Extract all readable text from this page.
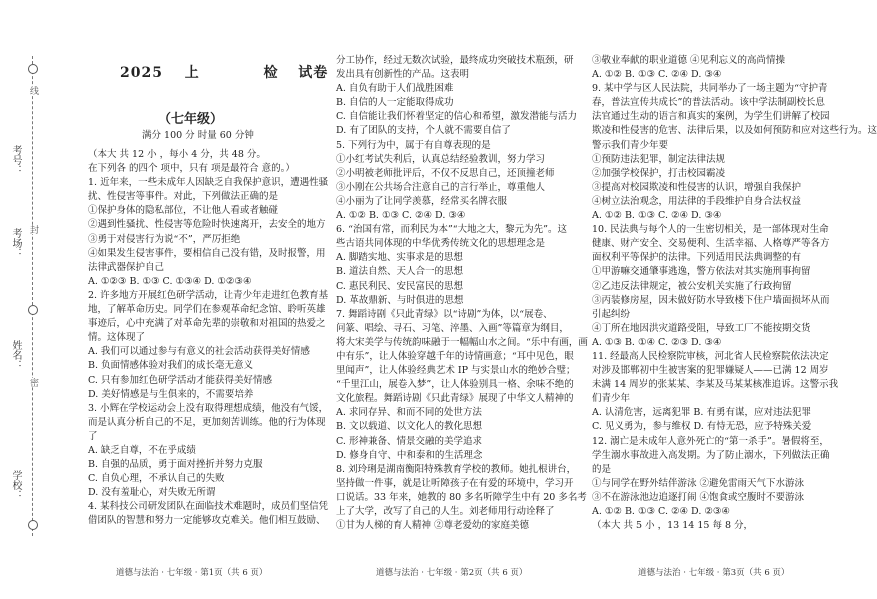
线
封
密
考号：
考场：
姓名：
学校：
2025 上	检 试卷
（七年级）
满分 100 分 时量 60 分钟

（本大 共 12 小 ，每小 4 分，共 48 分。

在下列各 的四个 项中，只有 项是最符合 意的。）

1. 近年来，一些未成年人因缺乏自我保护意识，遭遇性骚

扰、性侵害等事件。对此，下列做法正确的是

①保护身体的隐私部位，不让他人看或者触碰

②遇到性骚扰、性侵害等危险时快速离开，去安全的地方

③勇于对侵害行为说“不”，严厉拒绝

④如果发生侵害事件，要相信自己没有错，及时报警，用

法律武器保护自己

A. ①②③ B. ①③ C. ①③④ D. ①②③④

2. 许多地方开展红色研学活动，让青少年走进红色教育基

地，了解革命历史。同学们在参观革命纪念馆、聆听英雄

事迹后，心中充满了对革命先辈的崇敬和对祖国的热爱之

情。这体现了

A. 我们可以通过参与有意义的社会活动获得美好情感

B. 负面情感体验对我们的成长毫无意义

C. 只有参加红色研学活动才能获得美好情感

D. 美好情感是与生俱来的，不需要培养

3. 小辉在学校运动会上没有取得理想成绩，他没有气馁，

而是认真分析自己的不足，更加刻苦训练。他的行为体现

了

A. 缺乏自尊，不在乎成绩

B. 自强的品质，勇于面对挫折并努力克服

C. 自负心理，不承认自己的失败

D. 没有羞耻心，对失败无所谓

4. 某科技公司研发团队在面临技术难题时，成员们坚信凭

借团队的智慧和努力一定能够攻克难关。他们相互鼓励、

分工协作，经过无数次试验，最终成功突破技术瓶颈，研

发出具有创新性的产品。这表明

A. 自负有助于人们战胜困难

B. 自信的人一定能取得成功

C. 自信能让我们怀着坚定的信心和希望，激发潜能与活力

D. 有了团队的支持，个人就不需要自信了

5. 下列行为中，属于有自尊表现的是

①小红考试失利后，认真总结经验教训，努力学习

②小明被老师批评后，不仅不反思自己，还顶撞老师

③小刚在公共场合注意自己的言行举止，尊重他人

④小丽为了让同学羡慕，经常买名牌衣服

A. ①② B. ①③ C. ②④ D. ③④

6. “治国有常，而利民为本”“大地之大，黎元为先”。这

些古语共同体现的中华优秀传统文化的思想理念是

A. 脚踏实地、实事求是的思想

B. 道法自然、天人合一的思想

C. 惠民利民、安民富民的思想

D. 革故鼎新、与时俱进的思想

7. 舞蹈诗剧《只此青绿》以“诗剧”为体，以“展卷、

问篆、唱绘、寻石、习笔、淬墨、入画”等篇章为纲目，

将大宋美学与传统韵味融于一幅幅山水之间。“乐中有画，画

中有乐”，让人体验穿越千年的诗情画意；“耳中见色，眼

里闻声”，让人体验经典艺术 IP 与实景山水的绝妙合璧；

“千里江山，展卷入梦”，让人体验别具一格、余味不绝的

文化旅程。舞蹈诗剧《只此青绿》展现了中华文人精神的

A. 求同存异、和而不同的处世方法

B. 文以载道、以文化人的教化思想

C. 形神兼备、情景交融的美学追求

D. 修身自守、中和泰和的生活理念

8. 刘玲琍是湖南衡阳特殊教育学校的教师。她扎根讲台，

坚持做一件事，就是让听障孩子在有爱的环境中，学习开

口说话。33 年来，她教的 80 多名听障学生中有 20 多名考

上了大学，改写了自己的人生。刘老师用行动诠释了

①甘为人梯的育人精神 ②尊老爱幼的家庭美德

③敬业奉献的职业道德 ④见利忘义的高尚情操

A. ①② B. ①③ C. ②④ D. ③④

9. 某中学与区人民法院，共同举办了一场主题为“守护青

春，普法宣传共成长”的普法活动。该中学法制副校长息

法官通过生动的语言和真实的案例，为学生们讲解了校园

欺凌和性侵害的危害、法律后果，以及如何预防和应对这些行为。这

警示我们青少年要

①预防违法犯罪，制定法律法规

②加强学校保护，打击校园霸凌

③提高对校园欺凌和性侵害的认识，增强自我保护

④树立法治观念，用法律的手段维护自身合法权益

A. ①② B. ①③ C. ②④ D. ③④

10. 民法典与每个人的一生密切相关，是一部体现对生命

健康、财产安全、交易便利、生活幸福、人格尊严等各方

面权利平等保护的法律。下列适用民法典调整的有

①甲游嘛交通肇事逃逸，警方依法对其实施刑事拘留

②乙违反法律规定，被公安机关实施了行政拘留

③丙装修房屋，因未做好防水导致楼下住户墙面损坏从而

引起纠纷

④丁所在地因洪灾道路受阻，导致工厂不能按期交货

A. ①③ B. ①④ C. ②③ D. ③④

11. 经最高人民检察院审核，河北省人民检察院依法决定

对涉及邯郸初中生被害案的犯罪嫌疑人——已满 12 周岁

未满 14 周岁的张某某、李某及马某某核准追诉。这警示我

们青少年

A. 认清危害，远离犯罪 B. 有勇有谋，应对违法犯罪

C. 见义勇为，参与维权 D. 有恃无恐，应予特殊关爱

12. 溺亡是未成年人意外死亡的“第一杀手”。暑假将至，

学生溺水事故进入高发期。为了防止溺水，下列做法正确

的是

①与同学在野外结伴游泳 ②避免雷雨天气下水游泳

③不在游泳池边追逐打闹 ④饱食或空腹时不要游泳

A. ①② B. ①③ C. ②④ D. ②③④

（本大 共 5 小 ，13 14 15 每 8 分，

道德与法治 · 七年级 · 第1页（共 6 页）	道德与法治 · 七年级 · 第2页（共 6 页）	道德与法治 · 七年级 · 第3页（共 6 页）
